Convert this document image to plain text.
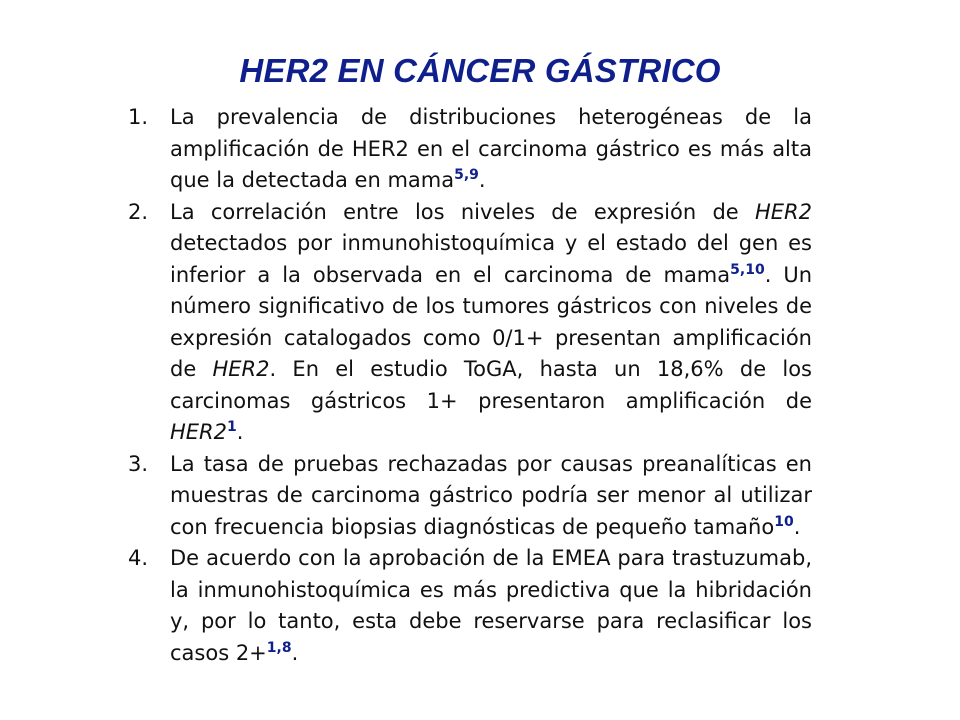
HER2 EN CÁNCER GÁSTRICO
1.	La prevalencia de distribuciones heterogéneas de la amplificación de HER2 en el carcinoma gástrico es más alta que la detectada en mama$^{5,9}$.
2.	La correlación entre los niveles de expresión de HER2 detectados por inmunohistoquímica y el estado del gen es inferior a la observada en el carcinoma de mama$^{5,10}$. Un número significativo de los tumores gástricos con niveles de expresión catalogados como 0/1+ presentan amplificación de HER2. En el estudio ToGA, hasta un 18,6% de los carcinomas gástricos 1+ presentaron amplificación de HER2$^1$.
3.	La tasa de pruebas rechazadas por causas preanalíticas en muestras de carcinoma gástrico podría ser menor al utilizar con frecuencia biopsias diagnósticas de pequeño tamaño$^{10}$.
4.	De acuerdo con la aprobación de la EMEA para trastuzumab, la inmunohistoquímica es más predictiva que la hibridación y, por lo tanto, esta debe reservarse para reclasificar los casos 2+$^{1,8}$.
